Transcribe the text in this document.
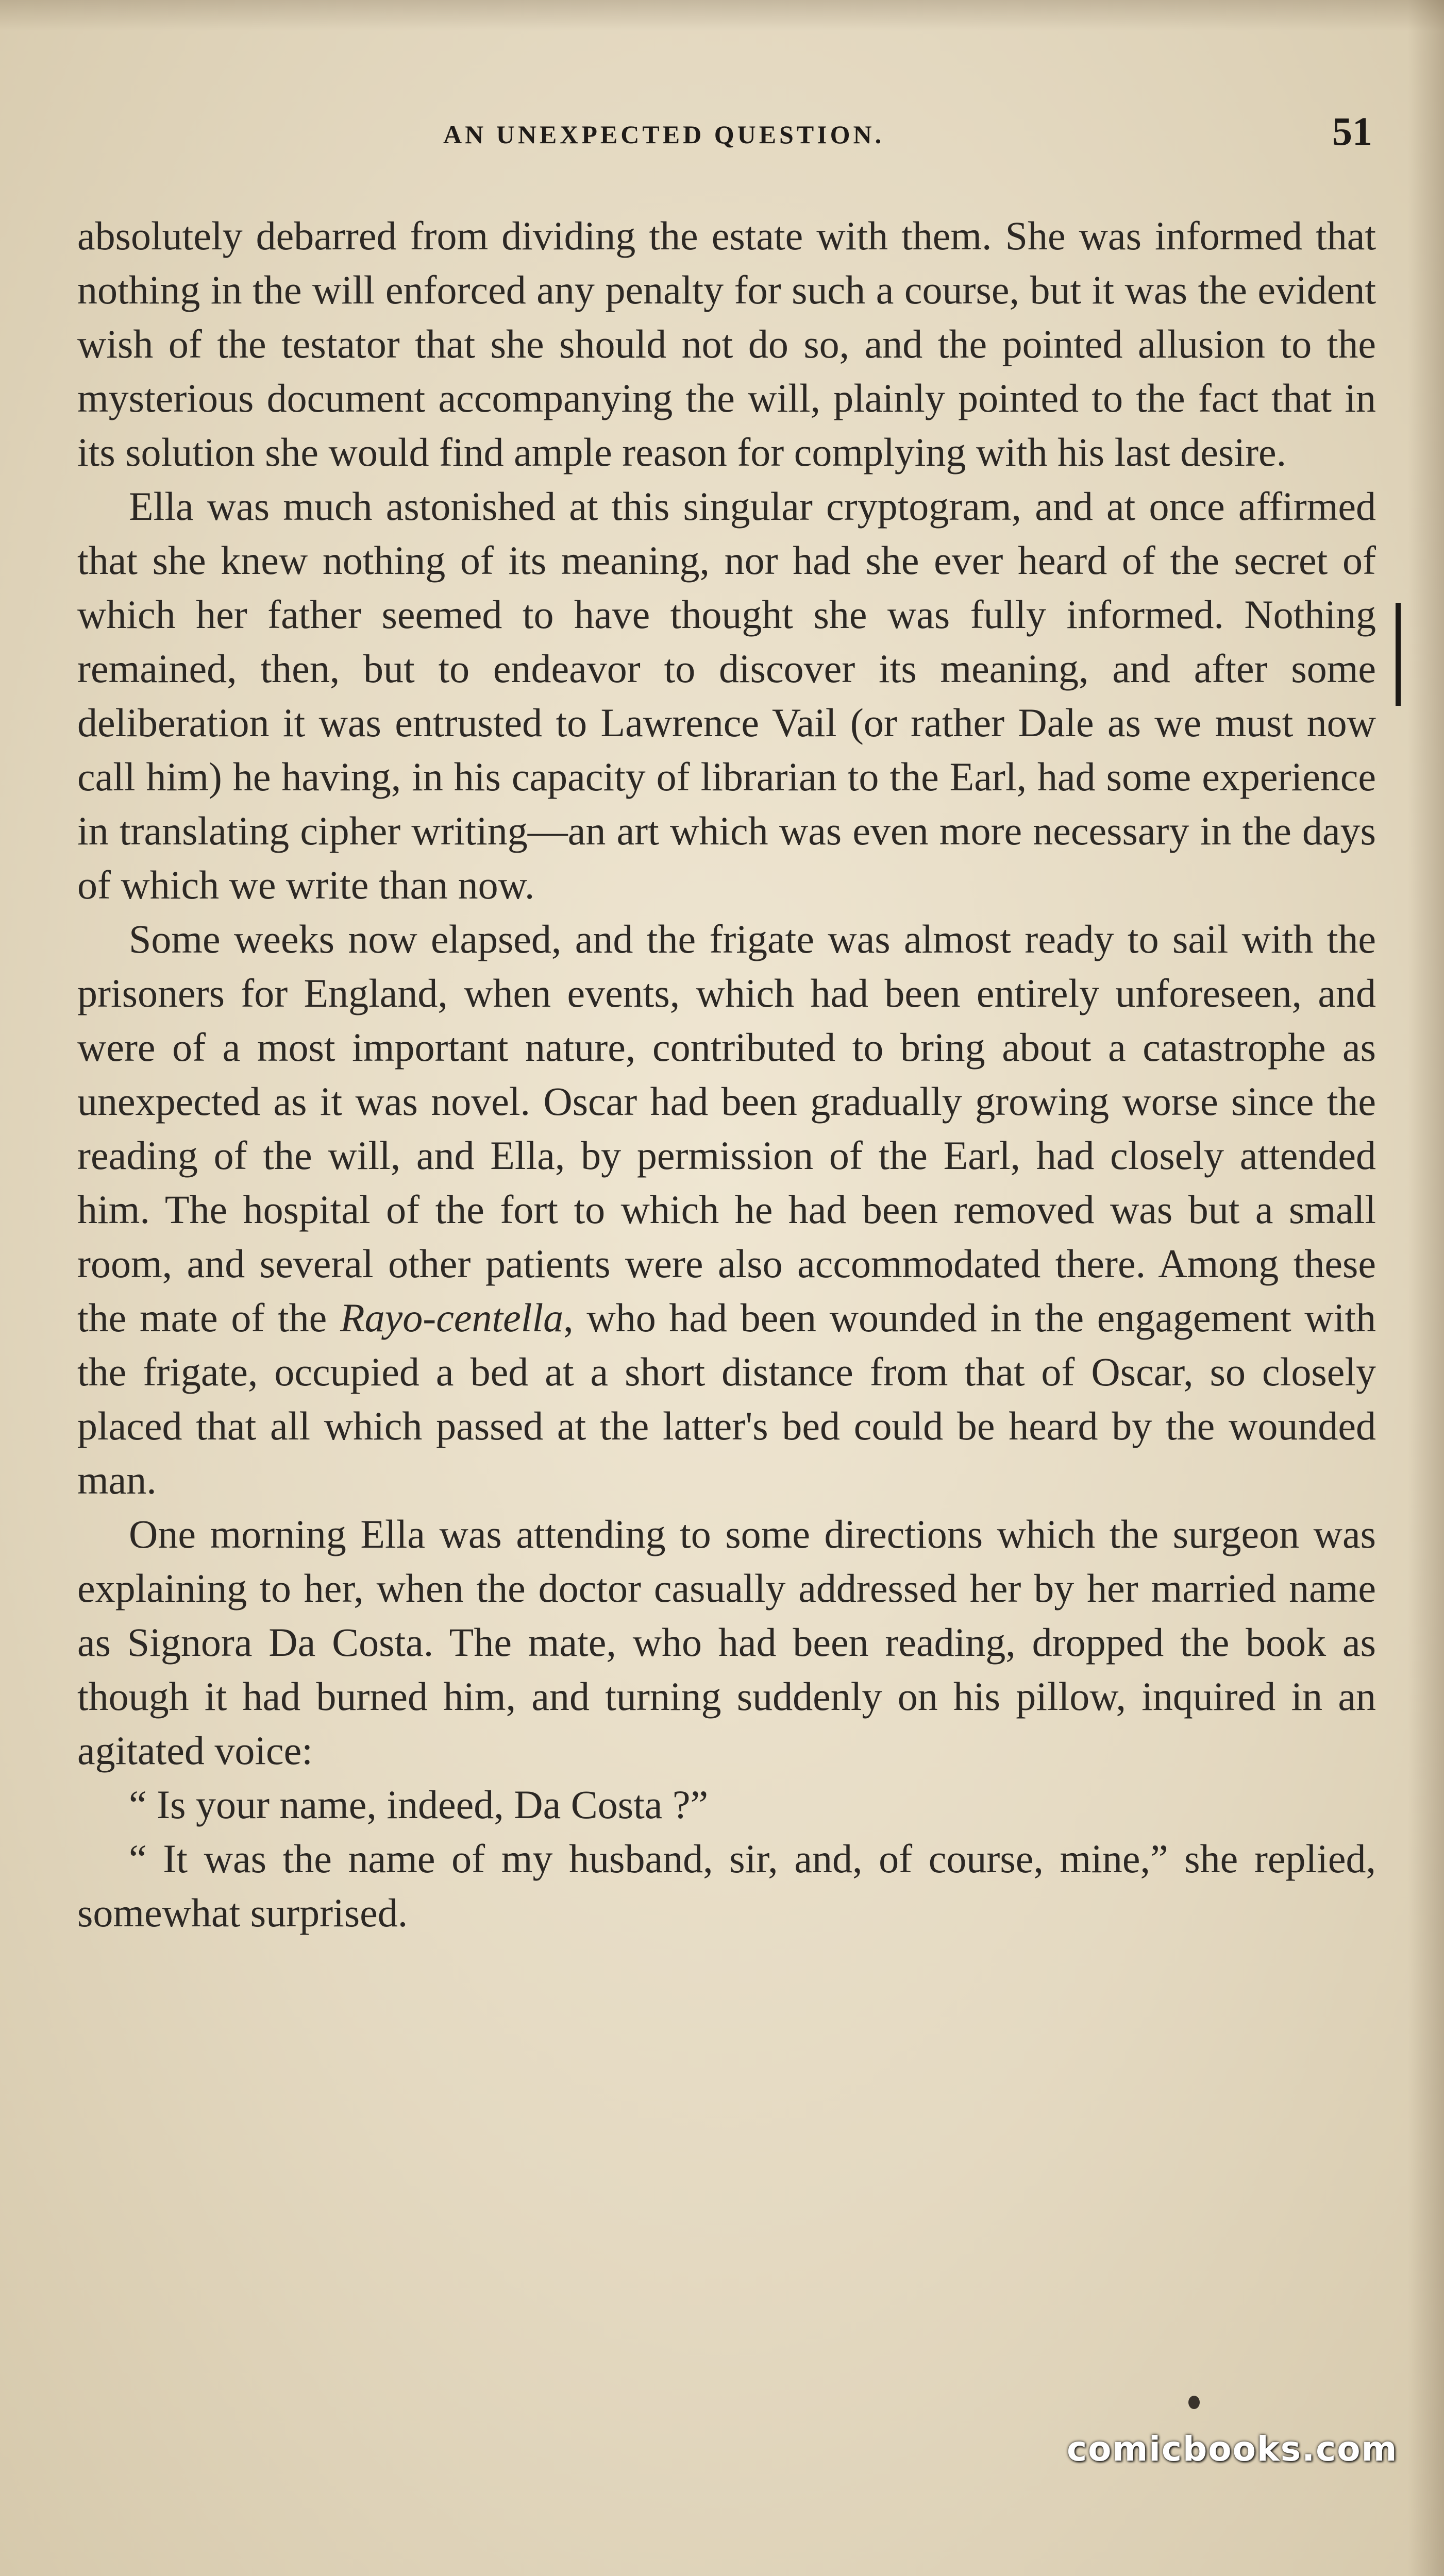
AN UNEXPECTED QUESTION.	51

absolutely debarred from dividing the estate with them. She was informed that nothing in the will enforced any penalty for such a course, but it was the evident wish of the testator that she should not do so, and the pointed allusion to the mysterious document accompanying the will, plainly pointed to the fact that in its solution she would find ample reason for complying with his last desire.

Ella was much astonished at this singular cryptogram, and at once affirmed that she knew nothing of its meaning, nor had she ever heard of the secret of which her father seemed to have thought she was fully informed. Nothing remained, then, but to endeavor to discover its meaning, and after some deliberation it was entrusted to Lawrence Vail (or rather Dale as we must now call him) he having, in his capacity of librarian to the Earl, had some experience in translating cipher writing—an art which was even more necessary in the days of which we write than now.

Some weeks now elapsed, and the frigate was almost ready to sail with the prisoners for England, when events, which had been entirely unforeseen, and were of a most important nature, contributed to bring about a catastrophe as unexpected as it was novel. Oscar had been gradually growing worse since the reading of the will, and Ella, by permission of the Earl, had closely attended him. The hospital of the fort to which he had been removed was but a small room, and several other patients were also accommodated there. Among these the mate of the Rayo-centella, who had been wounded in the engagement with the frigate, occupied a bed at a short distance from that of Oscar, so closely placed that all which passed at the latter's bed could be heard by the wounded man.

One morning Ella was attending to some directions which the surgeon was explaining to her, when the doctor casually addressed her by her married name as Signora Da Costa. The mate, who had been reading, dropped the book as though it had burned him, and turning suddenly on his pillow, inquired in an agitated voice:

“ Is your name, indeed, Da Costa ?”

“ It was the name of my husband, sir, and, of course, mine,” she replied, somewhat surprised.

comicbooks.com
